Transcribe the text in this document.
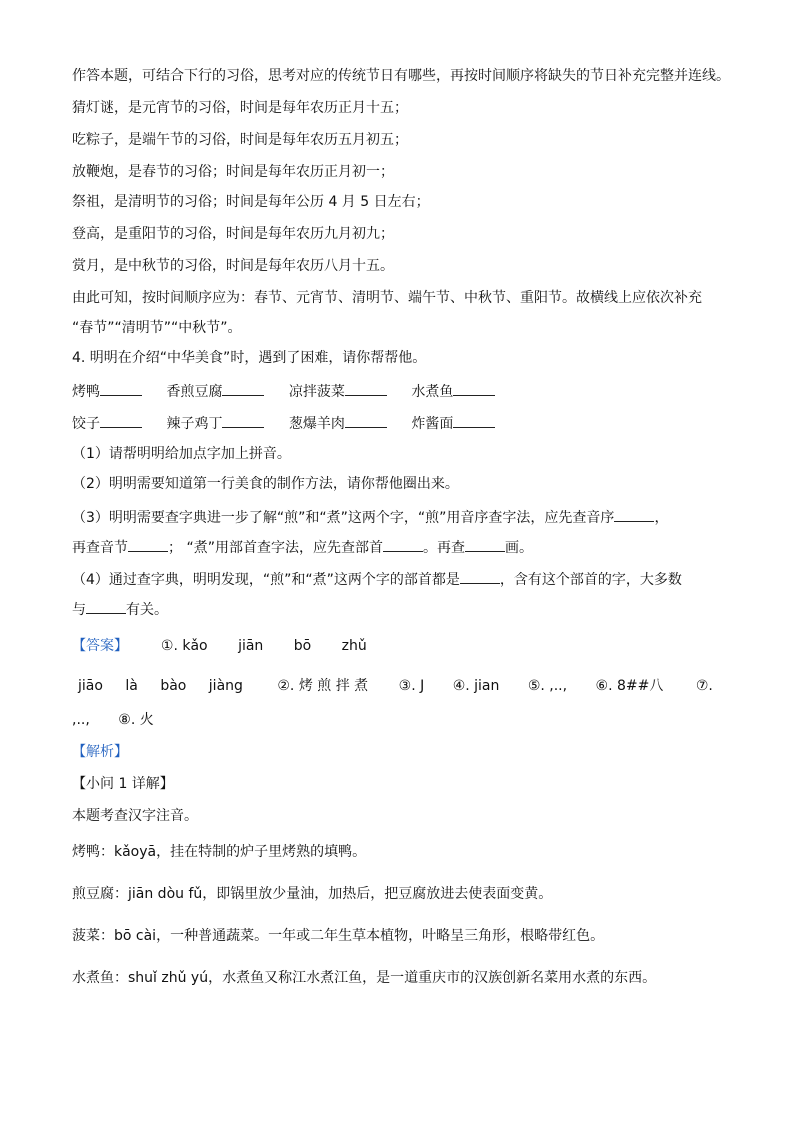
作答本题，可结合下行的习俗，思考对应的传统节日有哪些，再按时间顺序将缺失的节日补充完整并连线。
猜灯谜，是元宵节的习俗，时间是每年农历正月十五；
吃粽子，是端午节的习俗，时间是每年农历五月初五；
放鞭炮，是春节的习俗；时间是每年农历正月初一；
祭祖，是清明节的习俗；时间是每年公历 4 月 5 日左右；
登高，是重阳节的习俗，时间是每年农历九月初九；
赏月，是中秋节的习俗，时间是每年农历八月十五。
由此可知，按时间顺序应为：春节、元宵节、清明节、端午节、中秋节、重阳节。故横线上应依次补充
“春节”“清明节”“中秋节”。
4. 明明在介绍“中华美食”时，遇到了困难，请你帮帮他。
烤鸭	香煎豆腐	凉拌菠菜	水煮鱼
饺子	辣子鸡丁	葱爆羊肉	炸酱面
（1）请帮明明给加点字加上拼音。
（2）明明需要知道第一行美食的制作方法，请你帮他圈出来。
（3）明明需要查字典进一步了解“煎”和“煮”这两个字，“煎”用音序查字法，应先查音序	，
再查音节	； “煮”用部首查字法，应先查部首	。再查	画。
（4）通过查字典，明明发现，“煎”和“煮”这两个字的部首都是	，含有这个部首的字，大多数
与	有关。
【答案】 ①. kǎo jiān bō zhǔ
jiāo là bào jiàng ②. 烤 煎 拌 煮 ③. J ④. jian ⑤. ,.., ⑥. 8##八 ⑦.
,.., ⑧. 火
【解析】
【小问 1 详解】
本题考查汉字注音。
烤鸭：kǎoyā，挂在特制的炉子里烤熟的填鸭。
煎豆腐：jiān dòu fǔ，即锅里放少量油，加热后，把豆腐放进去使表面变黄。
菠菜：bō cài，一种普通蔬菜。一年或二年生草本植物，叶略呈三角形，根略带红色。
水煮鱼：shuǐ zhǔ yú，水煮鱼又称江水煮江鱼，是一道重庆市的汉族创新名菜用水煮的东西。
